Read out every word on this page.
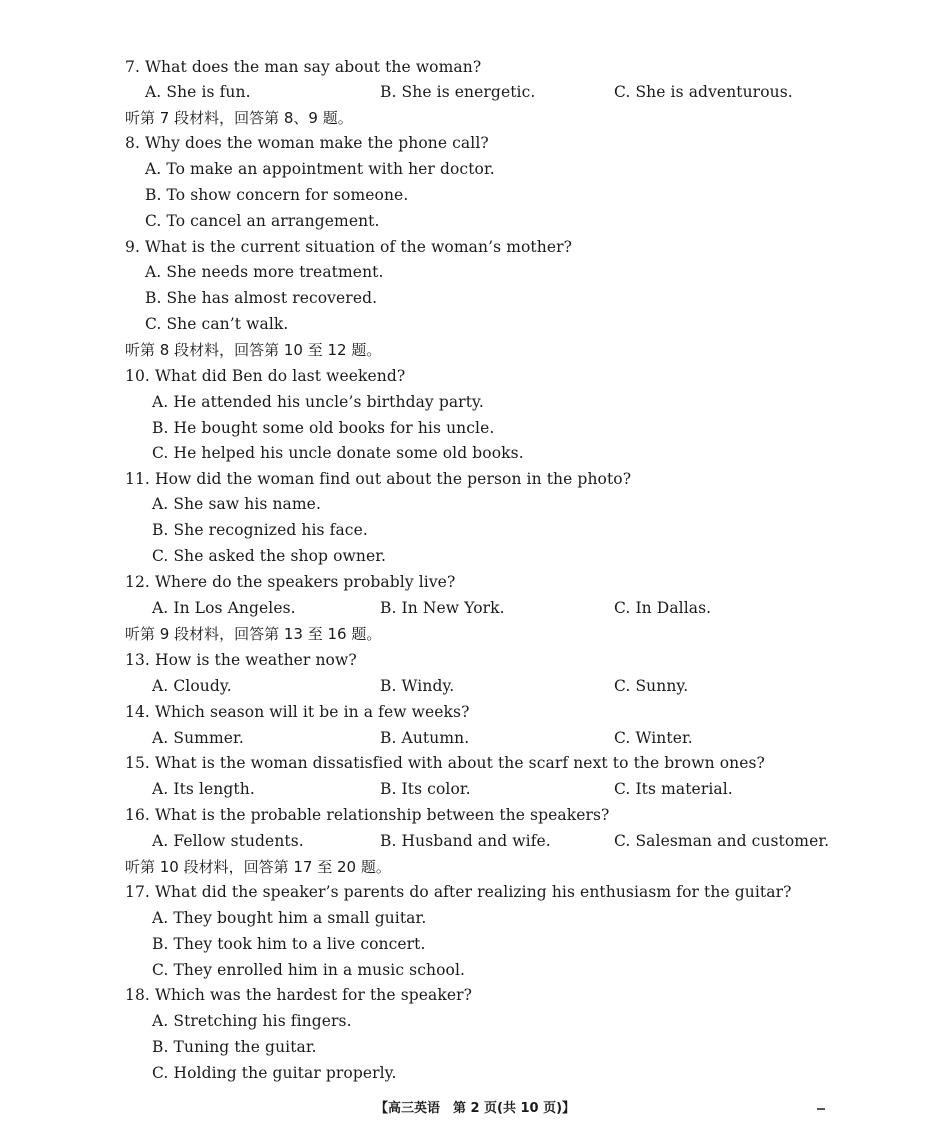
7. What does the man say about the woman?
A. She is fun.	B. She is energetic.	C. She is adventurous.
听第 7 段材料，回答第 8、9 题。
8. Why does the woman make the phone call?
A. To make an appointment with her doctor.
B. To show concern for someone.
C. To cancel an arrangement.
9. What is the current situation of the woman’s mother?
A. She needs more treatment.
B. She has almost recovered.
C. She can’t walk.
听第 8 段材料，回答第 10 至 12 题。
10. What did Ben do last weekend?
A. He attended his uncle’s birthday party.
B. He bought some old books for his uncle.
C. He helped his uncle donate some old books.
11. How did the woman find out about the person in the photo?
A. She saw his name.
B. She recognized his face.
C. She asked the shop owner.
12. Where do the speakers probably live?
A. In Los Angeles.	B. In New York.	C. In Dallas.
听第 9 段材料，回答第 13 至 16 题。
13. How is the weather now?
A. Cloudy.	B. Windy.	C. Sunny.
14. Which season will it be in a few weeks?
A. Summer.	B. Autumn.	C. Winter.
15. What is the woman dissatisfied with about the scarf next to the brown ones?
A. Its length.	B. Its color.	C. Its material.
16. What is the probable relationship between the speakers?
A. Fellow students.	B. Husband and wife.	C. Salesman and customer.
听第 10 段材料，回答第 17 至 20 题。
17. What did the speaker’s parents do after realizing his enthusiasm for the guitar?
A. They bought him a small guitar.
B. They took him to a live concert.
C. They enrolled him in a music school.
18. Which was the hardest for the speaker?
A. Stretching his fingers.
B. Tuning the guitar.
C. Holding the guitar properly.
【高三英语　第 2 页(共 10 页)】
